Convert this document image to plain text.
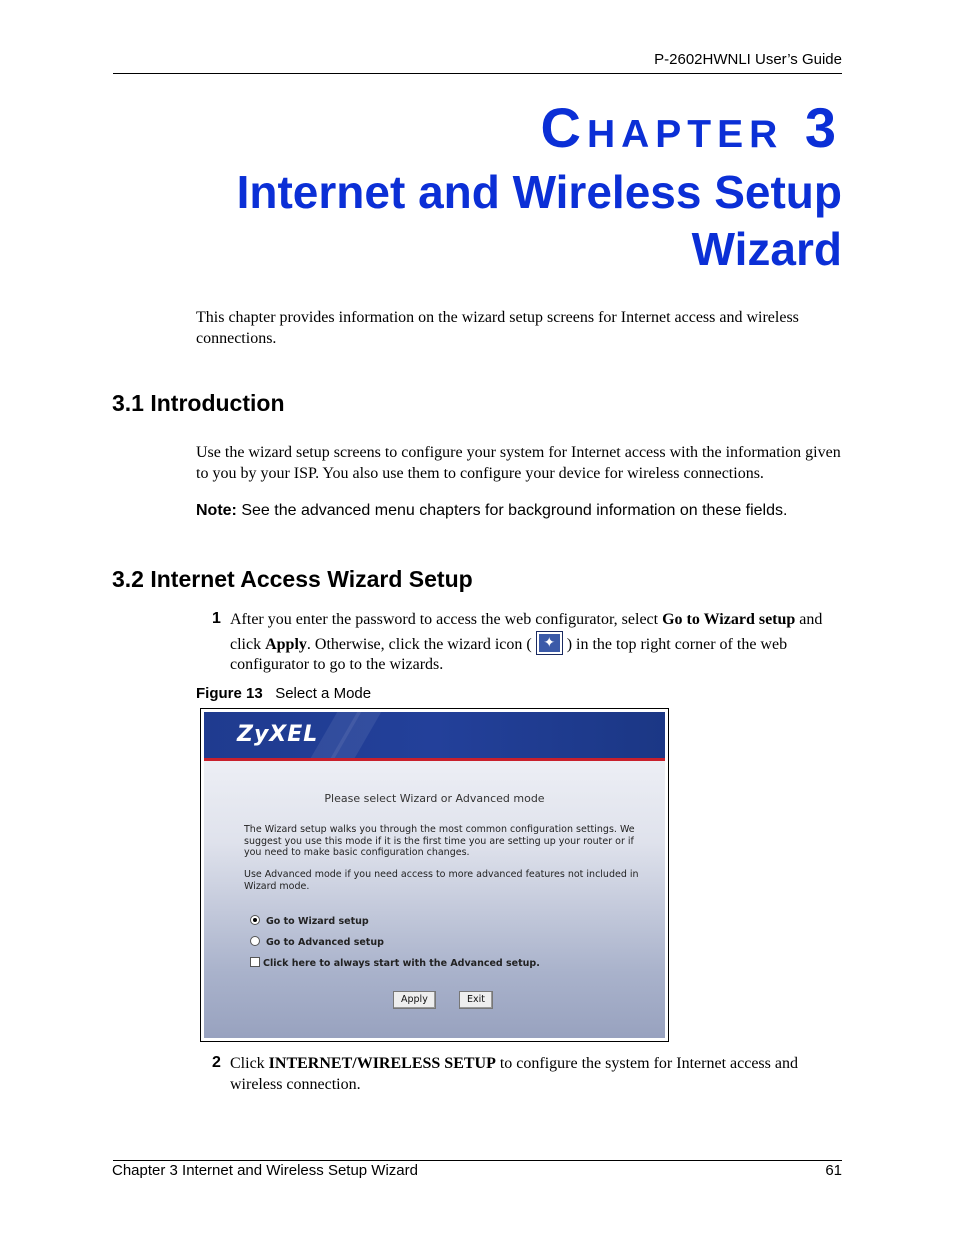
P-2602HWNLI User’s Guide
Chapter 3
Internet and Wireless Setup Wizard
This chapter provides information on the wizard setup screens for Internet access and wireless connections.
3.1 Introduction
Use the wizard setup screens to configure your system for Internet access with the information given to you by your ISP. You also use them to configure your device for wireless connections.
Note: See the advanced menu chapters for background information on these fields.
3.2 Internet Access Wizard Setup
1 After you enter the password to access the web configurator, select Go to Wizard setup and click Apply. Otherwise, click the wizard icon ( ✦ ) in the top right corner of the web configurator to go to the wizards.
Figure 13 Select a Mode
ZyXEL
Please select Wizard or Advanced mode
The Wizard setup walks you through the most common configuration settings. We suggest you use this mode if it is the first time you are setting up your router or if you need to make basic configuration changes.
Use Advanced mode if you need access to more advanced features not included in Wizard mode.
Go to Wizard setup
Go to Advanced setup
Click here to always start with the Advanced setup.
Apply	Exit
2 Click INTERNET/WIRELESS SETUP to configure the system for Internet access and wireless connection.
Chapter 3 Internet and Wireless Setup Wizard	61
